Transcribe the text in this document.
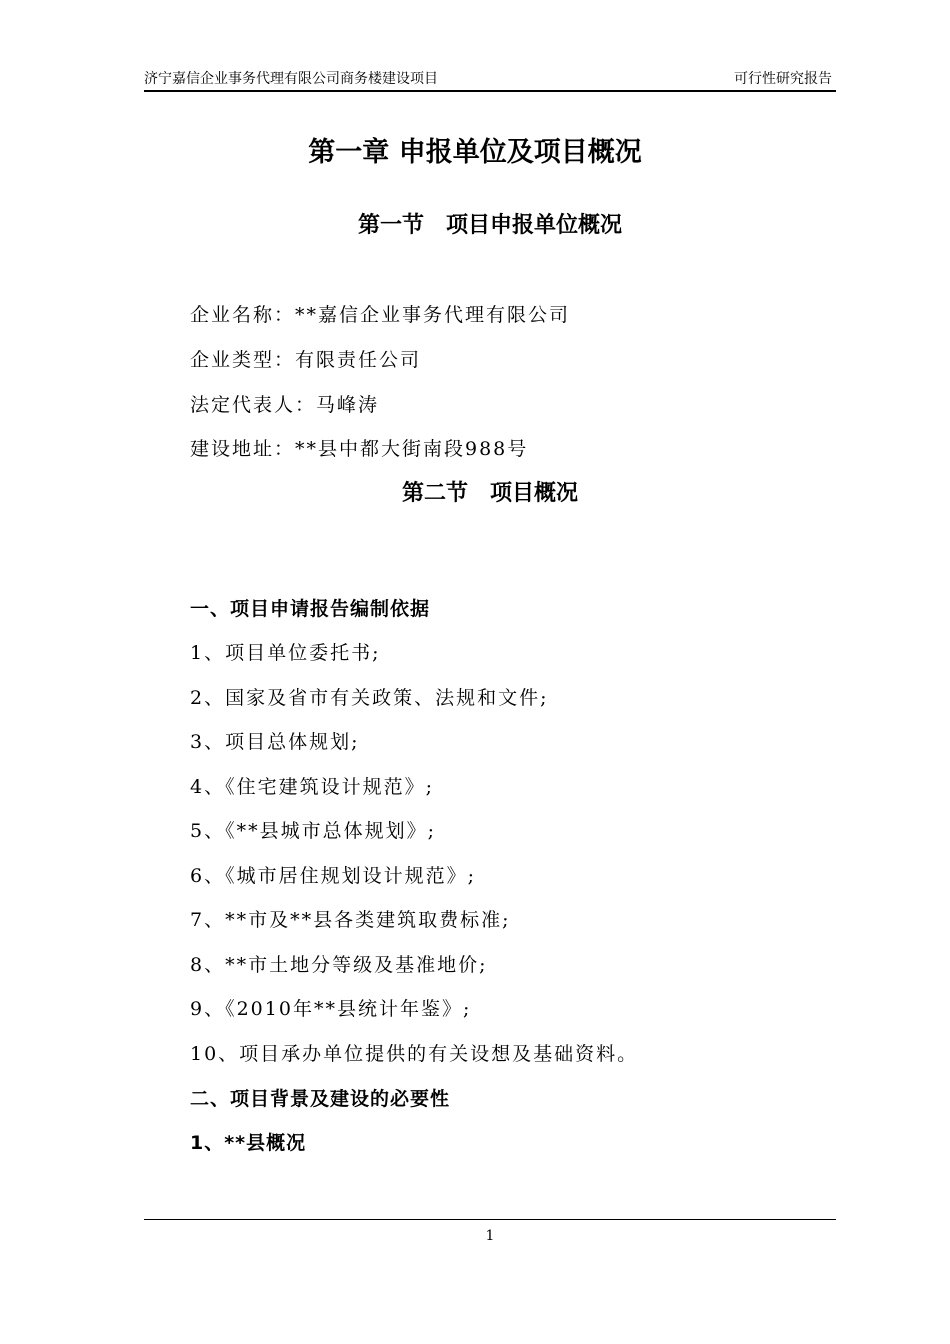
济宁嘉信企业事务代理有限公司商务楼建设项目	可行性研究报告
第一章 申报单位及项目概况
第一节　项目申报单位概况
企业名称：**嘉信企业事务代理有限公司
企业类型：有限责任公司
法定代表人：马峰涛
建设地址：**县中都大街南段988号
第二节　项目概况
一、项目申请报告编制依据
1、项目单位委托书;
2、国家及省市有关政策、法规和文件;
3、项目总体规划;
4、《住宅建筑设计规范》;
5、《**县城市总体规划》;
6、《城市居住规划设计规范》;
7、**市及**县各类建筑取费标准;
8、**市土地分等级及基准地价;
9、《2010年**县统计年鉴》;
10、项目承办单位提供的有关设想及基础资料。
二、项目背景及建设的必要性
1、**县概况
1
